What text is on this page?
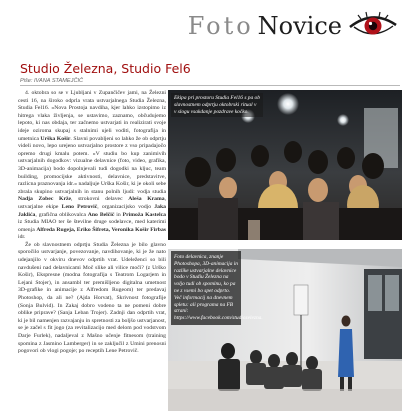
Foto Novice
Studio Železna, Studio Fel6
Piše: IVANA STAMEJČIČ

4. oktobra so se v Ljubljani v Zupančičev jami, na Železni cesti 16, na široko odprla vrata ustvarjalnega Studia Železna, Studia Fel16. »Nova Prostoja navdiha, kjer lahko izstopimo iz hitrega vlaka življenja, se ustavimo, zaznamo, občudujemo lepoto, ki nas obdaja, ter začnemo ustvarjati in realizirati svoje ideje oziroma skupaj s stalnimi ujeli voditi, fotografija in umetnica Urška Košir. Slavni povabljeni so lahko že ob odprtju videli novo, lepo urejeno ustvarjalno prostore z vso pripadajočo opremo drugi kmalu potem. »V studiu bo kup zanimivih ustvarjalnih dogodkov: vizualne delavnice (foto, video, grafika, 3D-animacija) bodo dopolnjevali tudi dogodki na kljuc, team building, promocijske aktivnosti, delavnice, predstavitve, razlicna praznovanja idr.« nadaljuje Urška Košir, ki je okoli sebe zbrala skupino ustvarjalnih in stanu polnih ljudi: vodja studia Nadja Zobec Krže, strokovni delavec Aleša Krama, ustvarjalne ekipe Leno Petrovič, organizacijsko vodjo Jaka Jaklića, grafična oblikovalca Ano Belčič in Primoža Kastelca iz Studia MIAO ter še številne druge sodelavce, med katerimi omenja Alfreda Rugeja, Eriko Šifreta, Veronika Košir Firbas idr.

Že ob slavnostnem odprtju Studia Železna je bilo glavno sporočilo ustvarjanje, povezovanje, navdihovanje, ki je že nato udejanjilo v okviru dnevov odprtih vrat. Udeleženci so bili navdušeni nad delavnicami Moč slike ali vilice moči? (z Urško Košir), Ekspresne (modna fotografija s Teatrom Logarjem in Lejani Stojer), in ansambl ter premišljeno digitalna umetnost 3D-grafike in animacije z Alfredom Rugeom) ter predavaj Photoshop, da ali ne? (Ajda Horvat), Skrivnost fotografije (Sonja Bulvid). In Zakaj dobro vodeno ta ne pomeni dobre oblike priprave? (Sanja Leban Trojer). Zadnji dan odprtih vrat, ki je bil namenjen razvajanju in spretnosti za boljšo ustvarjanost, se je začel s fit jogo (za revitalizacijo med delom pod vodstvom Darje Furlek), nadaljeval z Mašno učenje fitnesom (training spomina z Jasmino Lamberger) in se zaključil z Umini prenosni pogovori ob vlogi pogoje; po receptih Lene Petrovič.

Ekipa pri prostoru Studia Fel16 s pa ob slavnostnem odprtju oktobrski ritual v v slogu vsakdanje pozdrave kočko.
Foto delavnica, znanje Photoshopa, 3D-animacija in razlike ustvarjalne delavnice bodo v Studiu Železna na voljo tudi ob spominu, ko pa ne z vsemi bo spet odprto. Več informacij na dnevnem spletu: ali programa na FB strani: https://www.facebook.com/studiozelezna.
